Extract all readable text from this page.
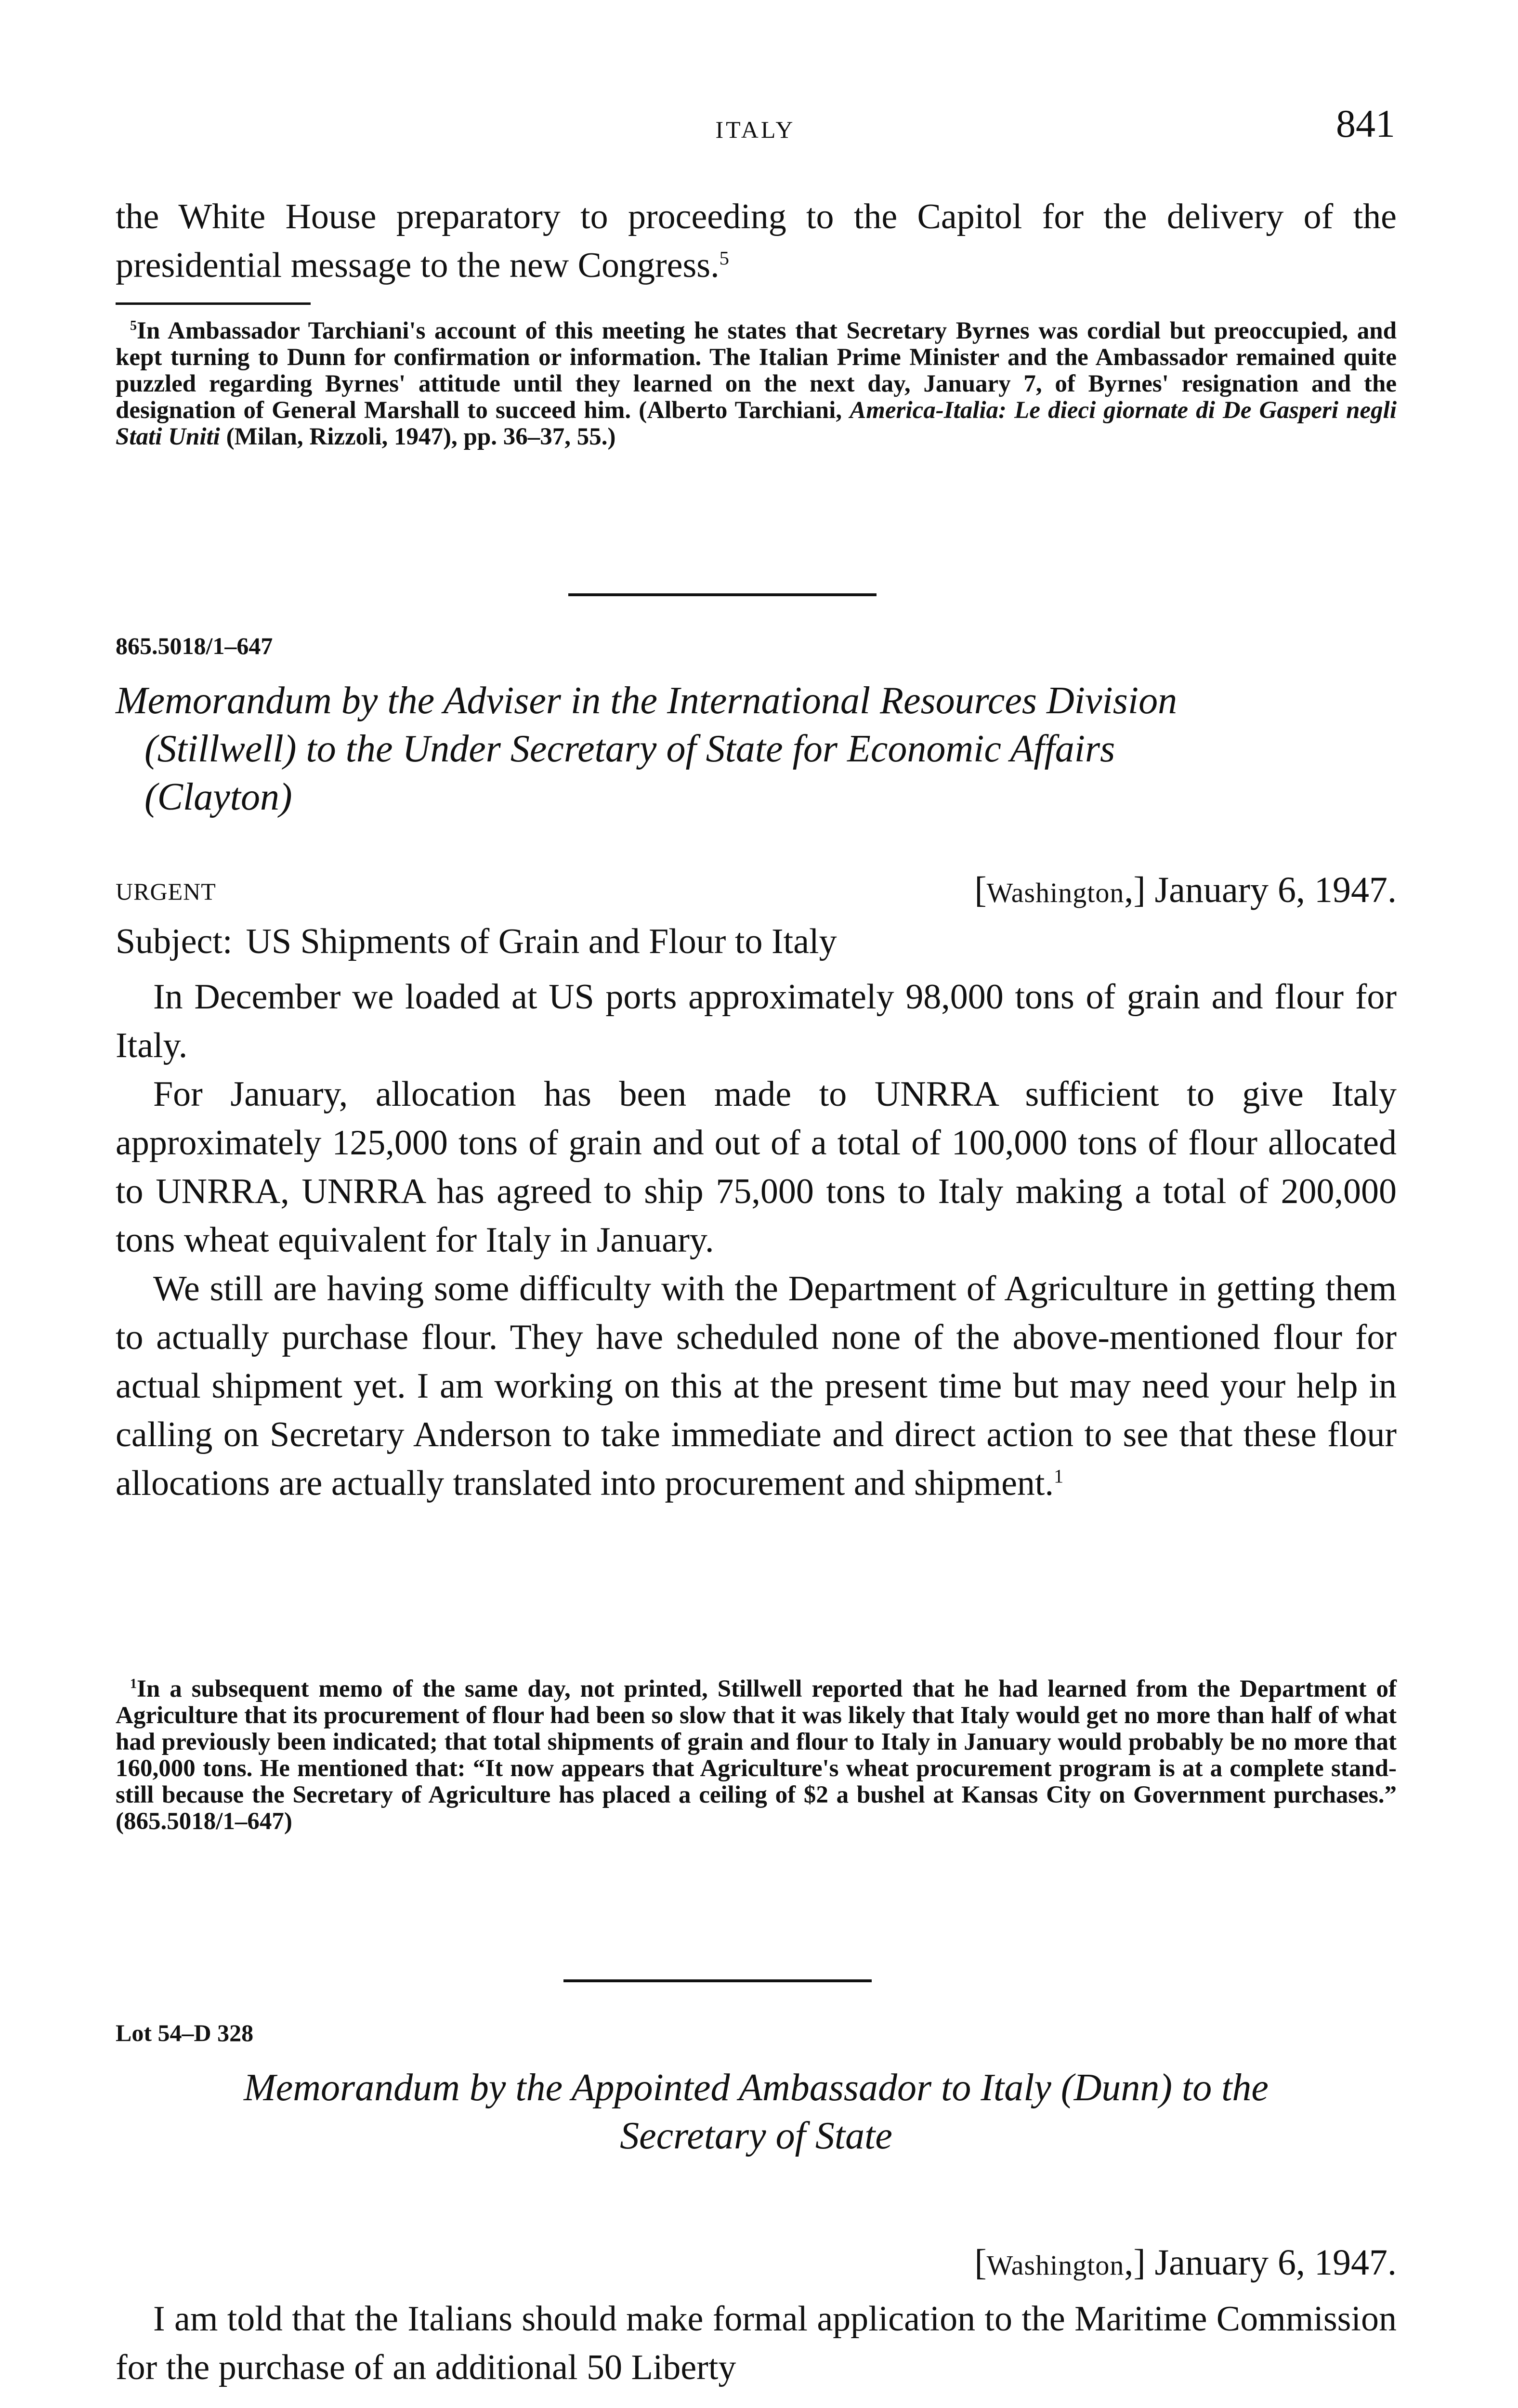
ITALY	841

the White House preparatory to proceeding to the Capitol for the delivery of the presidential message to the new Congress.$^5$

$^5$In Ambassador Tarchiani's account of this meeting he states that Secretary Byrnes was cordial but preoccupied, and kept turning to Dunn for confirmation or information. The Italian Prime Minister and the Ambassador remained quite puzzled regarding Byrnes' attitude until they learned on the next day, January 7, of Byrnes' resignation and the designation of General Marshall to succeed him. (Alberto Tarchiani, America-Italia: Le dieci giornate di De Gasperi negli Stati Uniti (Milan, Rizzoli, 1947), pp. 36–37, 55.)

865.5018/1–647
Memorandum by the Adviser in the International Resources Division
(Stillwell) to the Under Secretary of State for Economic Affairs
(Clayton)
URGENT	[Washington,] January 6, 1947.
Subject: US Shipments of Grain and Flour to Italy

In December we loaded at US ports approximately 98,000 tons of grain and flour for Italy.

For January, allocation has been made to UNRRA sufficient to give Italy approximately 125,000 tons of grain and out of a total of 100,000 tons of flour allocated to UNRRA, UNRRA has agreed to ship 75,000 tons to Italy making a total of 200,000 tons wheat equivalent for Italy in January.

We still are having some difficulty with the Department of Agriculture in getting them to actually purchase flour. They have scheduled none of the above-mentioned flour for actual shipment yet. I am working on this at the present time but may need your help in calling on Secretary Anderson to take immediate and direct action to see that these flour allocations are actually translated into procurement and shipment.$^1$

$^1$In a subsequent memo of the same day, not printed, Stillwell reported that he had learned from the Department of Agriculture that its procurement of flour had been so slow that it was likely that Italy would get no more than half of what had previously been indicated; that total shipments of grain and flour to Italy in January would probably be no more that 160,000 tons. He mentioned that: “It now appears that Agriculture's wheat procurement program is at a complete stand-still because the Secretary of Agriculture has placed a ceiling of $2 a bushel at Kansas City on Government purchases.” (865.5018/1–647)

Lot 54–D 328
Memorandum by the Appointed Ambassador to Italy (Dunn) to the
Secretary of State
[Washington,] January 6, 1947.

I am told that the Italians should make formal application to the Maritime Commission for the purchase of an additional 50 Liberty
